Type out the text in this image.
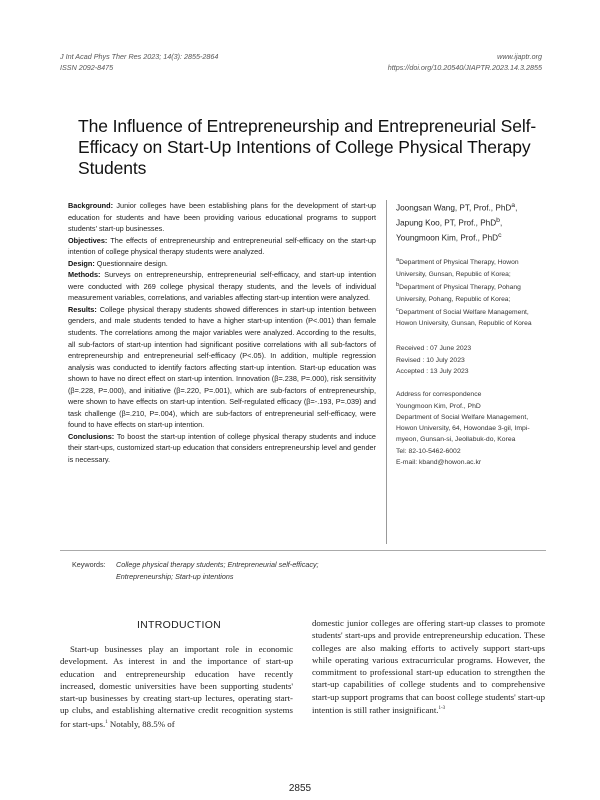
J Int Acad Phys Ther Res 2023; 14(3): 2855-2864
ISSN 2092-8475
www.ijaptr.org
https://doi.org/10.20540/JIAPTR.2023.14.3.2855
The Influence of Entrepreneurship and Entrepreneurial Self-Efficacy on Start-Up Intentions of College Physical Therapy Students

Background: Junior colleges have been establishing plans for the development of start-up education for students and have been providing various educational programs to support students' start-up businesses.

Objectives: The effects of entrepreneurship and entrepreneurial self-efficacy on the start-up intention of college physical therapy students were analyzed.

Design: Questionnaire design.

Methods: Surveys on entrepreneurship, entrepreneurial self-efficacy, and start-up intention were conducted with 269 college physical therapy students, and the levels of individual measurement variables, correlations, and variables affecting start-up intention were analyzed.

Results: College physical therapy students showed differences in start-up intention between genders, and male students tended to have a higher start-up intention (P<.001) than female students. The correlations among the major variables were analyzed. According to the results, all sub-factors of start-up intention had significant positive correlations with all sub-factors of entrepreneurship and entrepreneurial self-efficacy (P<.05). In addition, multiple regression analysis was conducted to identify factors affecting start-up intention. Start-up education was shown to have no direct effect on start-up intention. Innovation (β=.238, P=.000), risk sensitivity (β=.228, P=.000), and initiative (β=.220, P=.001), which are sub-factors of entrepreneurship, were shown to have effects on start-up intention. Self-regulated efficacy (β=-.193, P=.039) and task challenge (β=.210, P=.004), which are sub-factors of entrepreneurial self-efficacy, were found to have effects on start-up intention.

Conclusions: To boost the start-up intention of college physical therapy students and induce their start-ups, customized start-up education that considers entrepreneurship level and gender is necessary.

Joongsan Wang, PT, Prof., PhD$^a$,
Japung Koo, PT, Prof., PhD$^b$,
Youngmoon Kim, Prof., PhD$^c$

$^a$Department of Physical Therapy, Howon University, Gunsan, Republic of Korea;

$^b$Department of Physical Therapy, Pohang University, Pohang, Republic of Korea;

$^c$Department of Social Welfare Management, Howon University, Gunsan, Republic of Korea

Received : 07 June 2023

Revised : 10 July 2023

Accepted : 13 July 2023

Address for correspondence

Youngmoon Kim, Prof., PhD

Department of Social Welfare Management, Howon University, 64, Howondae 3-gil, Impi-myeon, Gunsan-si, Jeollabuk-do, Korea

Tel: 82-10-5462-6002

E-mail: kband@howon.ac.kr

Keywords: College physical therapy students; Entrepreneurial self-efficacy; Entrepreneurship; Start-up intentions
INTRODUCTION

Start-up businesses play an important role in economic development. As interest in and the importance of start-up education and entrepreneurship education have recently increased, domestic universities have been supporting students' start-up businesses by creating start-up lectures, operating start-up clubs, and establishing alternative credit recognition systems for start-ups.$^1$ Notably, 88.5% of

domestic junior colleges are offering start-up classes to promote students' start-ups and provide entrepreneurship education. These colleges are also making efforts to actively support start-ups while operating various extracurricular programs. However, the commitment to professional start-up education to strengthen the start-up capabilities of college students and to comprehensive start-up support programs that can boost college students' start-up intention is still rather insignificant.$^{1-3}$

2855
